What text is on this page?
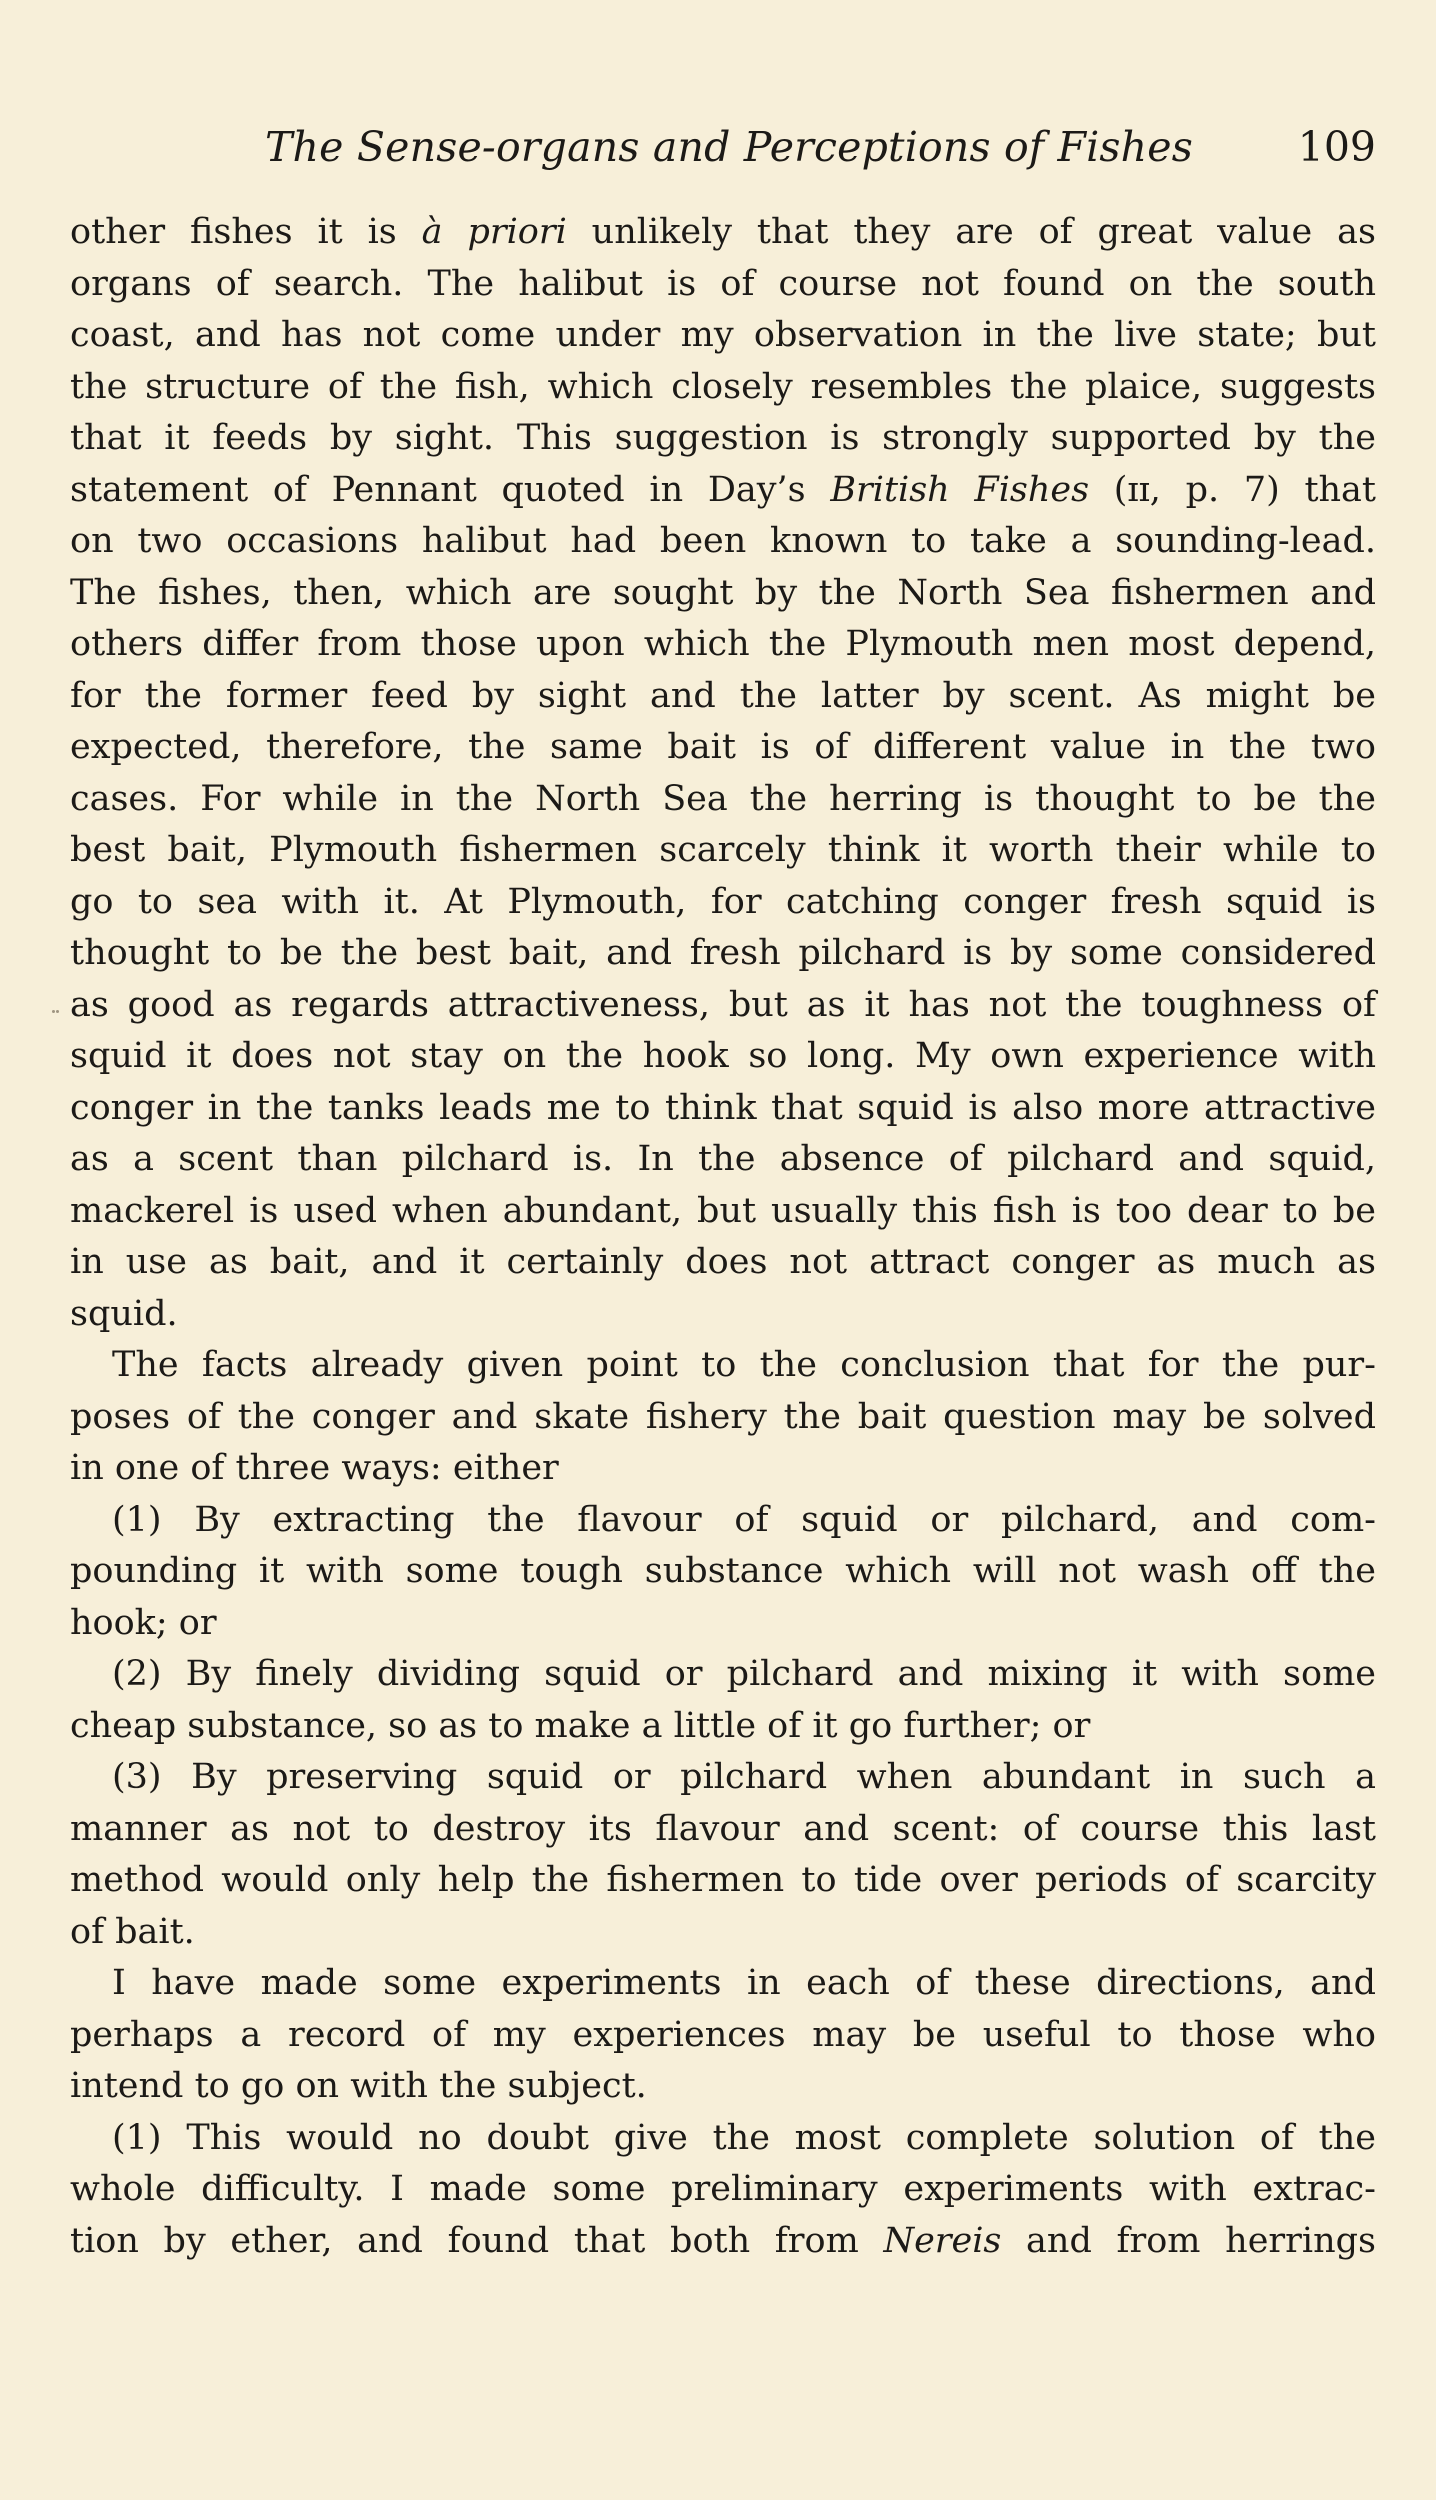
The Sense-organs and Perceptions of Fishes	109
other fishes it is à priori unlikely that they are of great value as
organs of search. The halibut is of course not found on the south
coast, and has not come under my observation in the live state; but
the structure of the fish, which closely resembles the plaice, suggests
that it feeds by sight. This suggestion is strongly supported by the
statement of Pennant quoted in Day’s British Fishes (ɪɪ, p. 7) that
on two occasions halibut had been known to take a sounding-lead.
The fishes, then, which are sought by the North Sea fishermen and
others differ from those upon which the Plymouth men most depend,
for the former feed by sight and the latter by scent. As might be
expected, therefore, the same bait is of different value in the two
cases. For while in the North Sea the herring is thought to be the
best bait, Plymouth fishermen scarcely think it worth their while to
go to sea with it. At Plymouth, for catching conger fresh squid is
thought to be the best bait, and fresh pilchard is by some considered
as good as regards attractiveness, but as it has not the toughness of
squid it does not stay on the hook so long. My own experience with
conger in the tanks leads me to think that squid is also more attractive
as a scent than pilchard is. In the absence of pilchard and squid,
mackerel is used when abundant, but usually this fish is too dear to be
in use as bait, and it certainly does not attract conger as much as
squid.
The facts already given point to the conclusion that for the pur-
poses of the conger and skate fishery the bait question may be solved
in one of three ways: either
(1) By extracting the flavour of squid or pilchard, and com-
pounding it with some tough substance which will not wash off the
hook; or
(2) By finely dividing squid or pilchard and mixing it with some
cheap substance, so as to make a little of it go further; or
(3) By preserving squid or pilchard when abundant in such a
manner as not to destroy its flavour and scent: of course this last
method would only help the fishermen to tide over periods of scarcity
of bait.
I have made some experiments in each of these directions, and
perhaps a record of my experiences may be useful to those who
intend to go on with the subject.
(1) This would no doubt give the most complete solution of the
whole difficulty. I made some preliminary experiments with extrac-
tion by ether, and found that both from Nereis and from herrings
